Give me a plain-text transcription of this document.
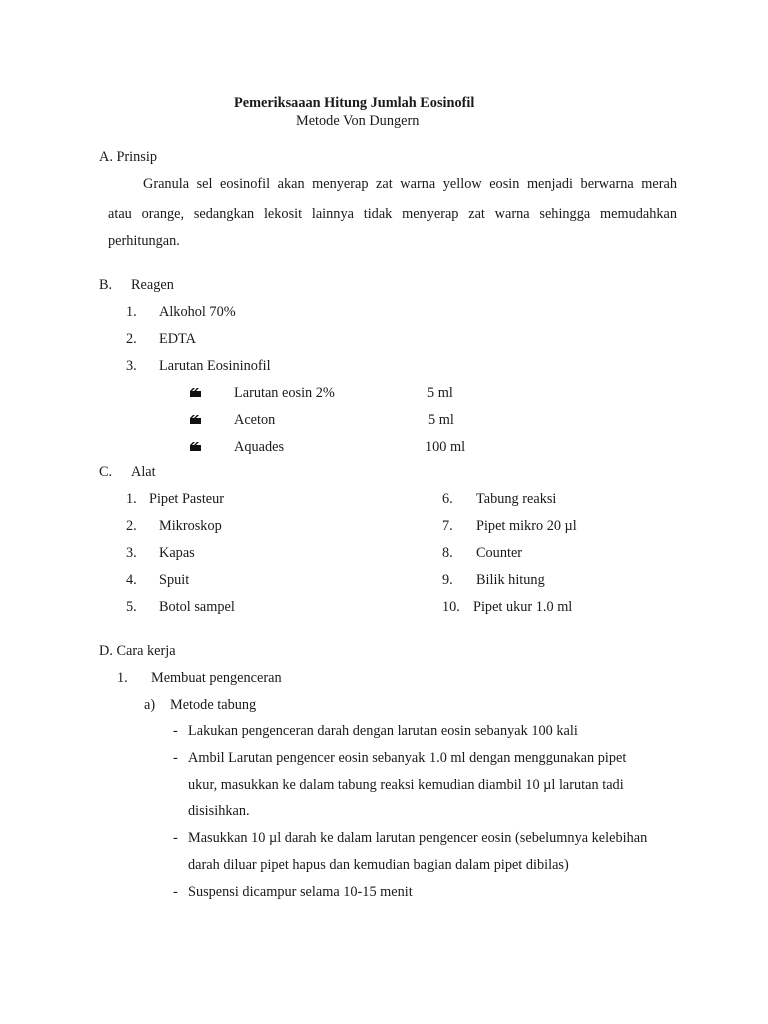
Pemeriksaaan Hitung Jumlah Eosinofil
Metode Von Dungern
A. Prinsip
Granula sel eosinofil akan menyerap zat warna yellow eosin menjadi berwarna merah
atau orange, sedangkan lekosit lainnya tidak menyerap zat warna sehingga memudahkan
perhitungan.
B. Reagen
1. Alkohol 70%
2. EDTA
3. Larutan Eosininofil
Larutan eosin 2%	5 ml
Aceton	5 ml
Aquades	100 ml
C. Alat
1. Pipet Pasteur
2. Mikroskop
3. Kapas
4. Spuit
5. Botol sampel
6. Tabung reaksi
7. Pipet mikro 20 µl
8. Counter
9. Bilik hitung
10. Pipet ukur 1.0 ml
D. Cara kerja
1. Membuat pengenceran
a) Metode tabung
- Lakukan pengenceran darah dengan larutan eosin sebanyak 100 kali
- Ambil Larutan pengencer eosin sebanyak 1.0 ml dengan menggunakan pipet
ukur, masukkan ke dalam tabung reaksi kemudian diambil 10 µl larutan tadi
disisihkan.
- Masukkan 10 µl darah ke dalam larutan pengencer eosin (sebelumnya kelebihan
darah diluar pipet hapus dan kemudian bagian dalam pipet dibilas)
- Suspensi dicampur selama 10-15 menit
